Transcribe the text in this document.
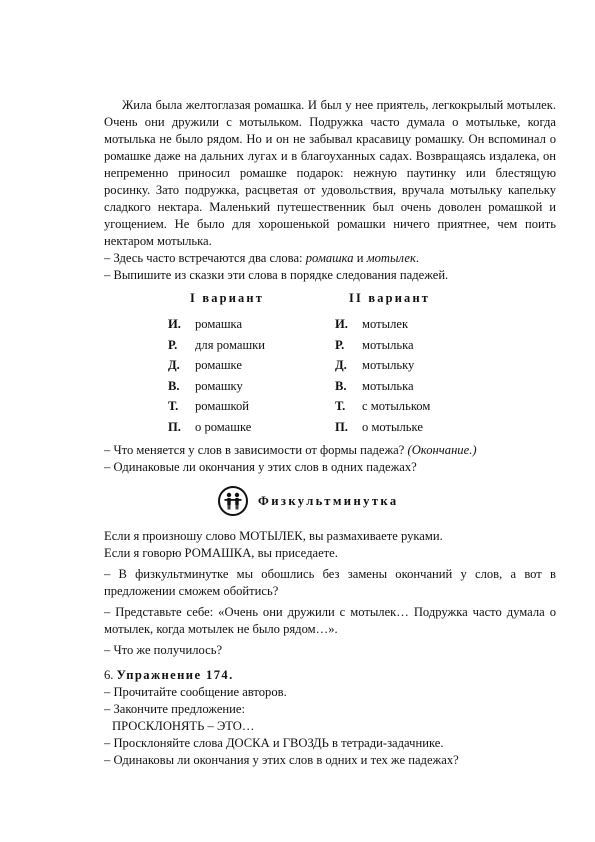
Жила была желтоглазая ромашка. И был у нее приятель, легкокрылый мотылек. Очень они дружили с мотыльком. Подружка часто думала о мотыльке, когда мотылька не было рядом. Но и он не забывал красавицу ромашку. Он вспоминал о ромашке даже на дальних лугах и в благоуханных садах. Возвращаясь издалека, он непременно приносил ромашке подарок: нежную паутинку или блестящую росинку. Зато подружка, расцветая от удовольствия, вручала мотыльку капельку сладкого нектара. Маленький путешественник был очень доволен ромашкой и угощением. Не было для хорошенькой ромашки ничего приятнее, чем поить нектаром мотылька.

– Здесь часто встречаются два слова: ромашка и мотылек.
– Выпишите из сказки эти слова в порядке следования падежей.
I вариант	II вариант
И. ромашка
Р. для ромашки
Д. ромашке
В. ромашку
Т. ромашкой
П. о ромашке
И. мотылек
Р. мотылька
Д. мотыльку
В. мотылька
Т. с мотыльком
П. о мотыльке
– Что меняется у слов в зависимости от формы падежа? (Окончание.)
– Одинаковые ли окончания у этих слов в одних падежах?
Физкультминутка
Если я произношу слово МОТЫЛЕК, вы размахиваете руками.
Если я говорю РОМАШКА, вы приседаете.
– В физкультминутке мы обошлись без замены окончаний у слов, а вот в предложении сможем обойтись?
– Представьте себе: «Очень они дружили с мотылек… Подружка часто думала о мотылек, когда мотылек не было рядом…».
– Что же получилось?
6. Упражнение 174.
– Прочитайте сообщение авторов.
– Закончите предложение:
ПРОСКЛОНЯТЬ – ЭТО…
– Просклоняйте слова ДОСКА и ГВОЗДЬ в тетради-задачнике.
– Одинаковы ли окончания у этих слов в одних и тех же падежах?
